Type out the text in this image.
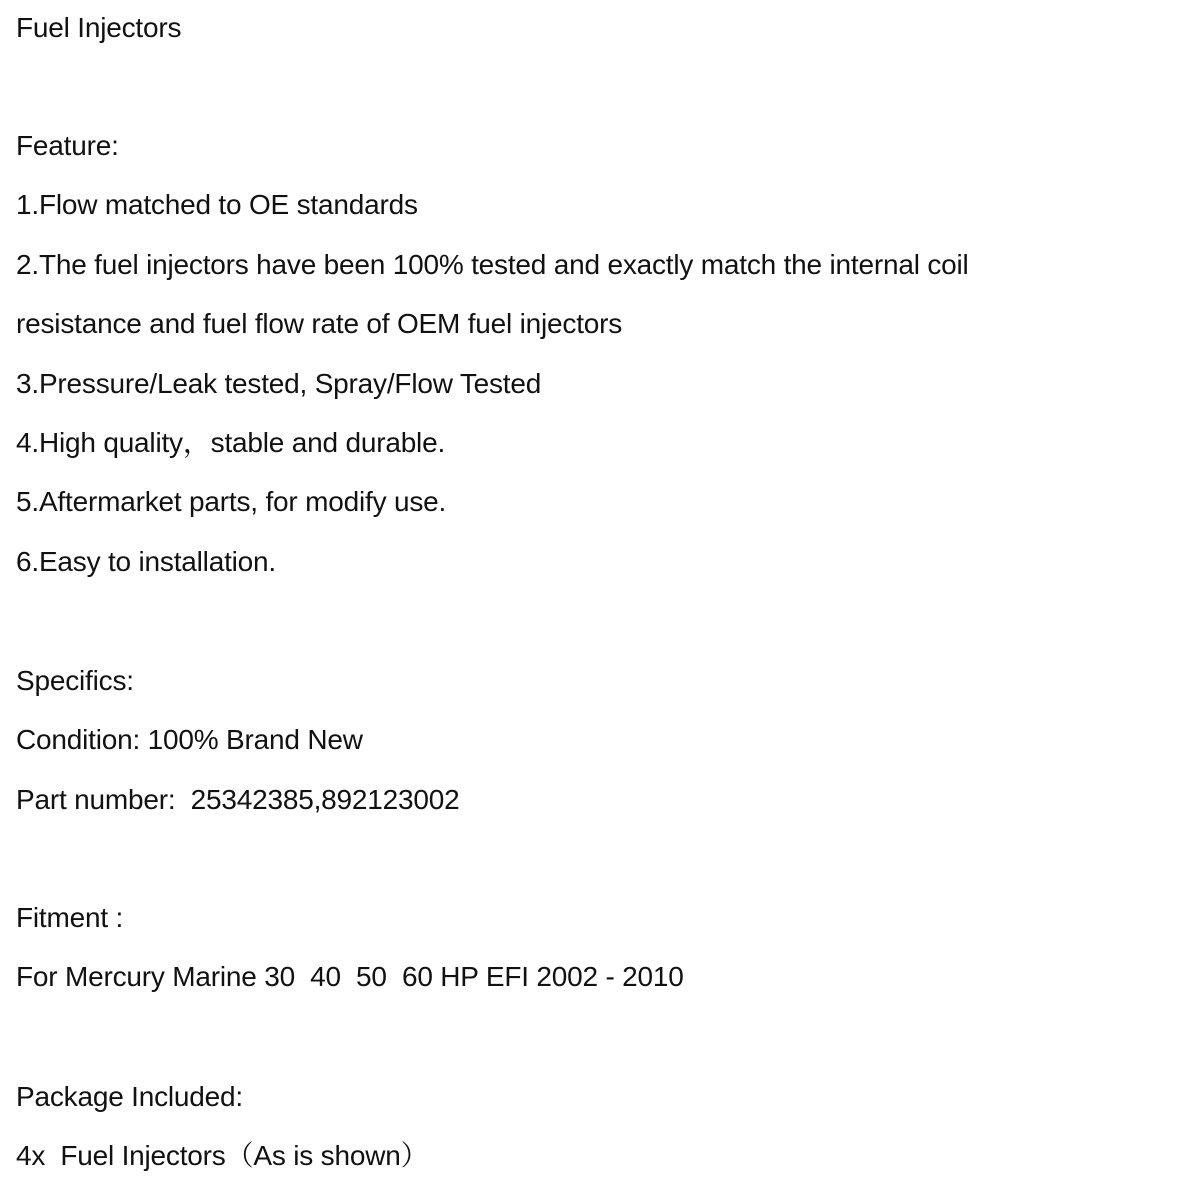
Fuel Injectors
Feature:
1.Flow matched to OE standards
2.The fuel injectors have been 100% tested and exactly match the internal coil
resistance and fuel flow rate of OEM fuel injectors
3.Pressure/Leak tested, Spray/Flow Tested
4.High quality，stable and durable.
5.Aftermarket parts, for modify use.
6.Easy to installation.
Specifics:
Condition: 100% Brand New
Part number:  25342385,892123002
Fitment :
For Mercury Marine 30  40  50  60 HP EFI 2002 - 2010
Package Included:
4x  Fuel Injectors（As is shown）
